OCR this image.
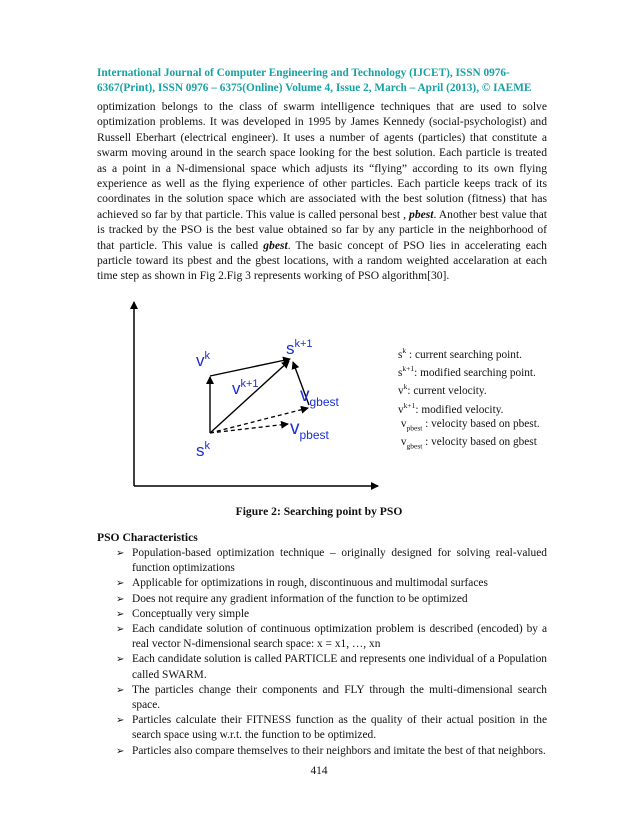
International Journal of Computer Engineering and Technology (IJCET), ISSN 0976-
6367(Print), ISSN 0976 – 6375(Online) Volume 4, Issue 2, March – April (2013), © IAEME
optimization belongs to the class of swarm intelligence techniques that are used to solve optimization problems. It was developed in 1995 by James Kennedy (social-psychologist) and Russell Eberhart (electrical engineer). It uses a number of agents (particles) that constitute a swarm moving around in the search space looking for the best solution. Each particle is treated as a point in a N-dimensional space which adjusts its “flying” according to its own flying experience as well as the flying experience of other particles. Each particle keeps track of its coordinates in the solution space which are associated with the best solution (fitness) that has achieved so far by that particle. This value is called personal best , pbest. Another best value that is tracked by the PSO is the best value obtained so far by any particle in the neighborhood of that particle. This value is called gbest. The basic concept of PSO lies in accelerating each particle toward its pbest and the gbest locations, with a random weighted accelaration at each time step as shown in Fig 2.Fig 3 represents working of PSO algorithm[30].
$v^k$	$s^{k+1}$
$v^{k+1}$
$v_{gbest}$
$v_{pbest}$
$s^k$
$s^k$ : current searching point.
$s^{k+1}$: modified searching point.
$v^k$: current velocity.
$v^{k+1}$: modified velocity.
$v_{pbest}$ : velocity based on pbest.
$v_{gbest}$ : velocity based on gbest
Figure 2: Searching point by PSO
PSO Characteristics
➢ Population-based optimization technique – originally designed for solving real-valued function optimizations
➢ Applicable for optimizations in rough, discontinuous and multimodal surfaces
➢ Does not require any gradient information of the function to be optimized
➢ Conceptually very simple
➢ Each candidate solution of continuous optimization problem is described (encoded) by a real vector N-dimensional search space: x = x1, …, xn
➢ Each candidate solution is called PARTICLE and represents one individual of a Population called SWARM.
➢ The particles change their components and FLY through the multi-dimensional search space.
➢ Particles calculate their FITNESS function as the quality of their actual position in the search space using w.r.t. the function to be optimized.
➢ Particles also compare themselves to their neighbors and imitate the best of that neighbors.
414
